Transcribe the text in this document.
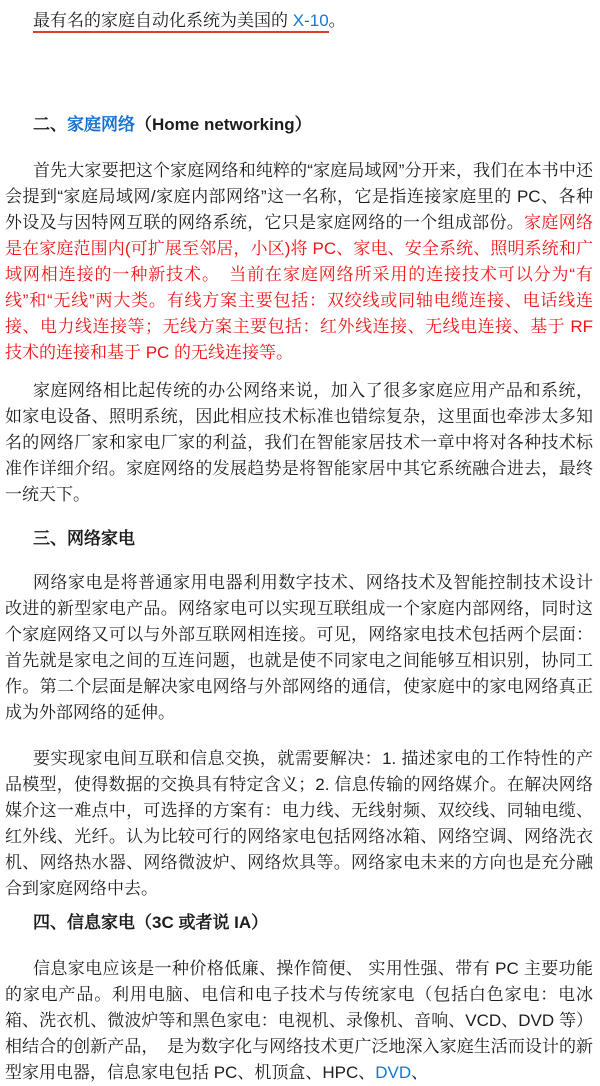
最有名的家庭自动化系统为美国的 X-10。

二、家庭网络（Home networking）

首先大家要把这个家庭网络和纯粹的“家庭局域网”分开来，我们在本书中还会提到“家庭局域网/家庭内部网络”这一名称，它是指连接家庭里的 PC、各种外设及与因特网互联的网络系统，它只是家庭网络的一个组成部份。家庭网络是在家庭范围内(可扩展至邻居，小区)将 PC、家电、安全系统、照明系统和广域网相连接的一种新技术。　当前在家庭网络所采用的连接技术可以分为“有线”和“无线”两大类。有线方案主要包括：双绞线或同轴电缆连接、电话线连接、电力线连接等；无线方案主要包括：红外线连接、无线电连接、基于 RF 技术的连接和基于 PC 的无线连接等。

家庭网络相比起传统的办公网络来说，加入了很多家庭应用产品和系统，如家电设备、照明系统，因此相应技术标准也错综复杂，这里面也牵涉太多知名的网络厂家和家电厂家的利益，我们在智能家居技术一章中将对各种技术标准作详细介绍。家庭网络的发展趋势是将智能家居中其它系统融合进去，最终一统天下。

三、网络家电

网络家电是将普通家用电器利用数字技术、网络技术及智能控制技术设计改进的新型家电产品。网络家电可以实现互联组成一个家庭内部网络，同时这个家庭网络又可以与外部互联网相连接。可见，网络家电技术包括两个层面：首先就是家电之间的互连问题，也就是使不同家电之间能够互相识别，协同工作。第二个层面是解决家电网络与外部网络的通信，使家庭中的家电网络真正成为外部网络的延伸。

要实现家电间互联和信息交换，就需要解决：1. 描述家电的工作特性的产品模型，使得数据的交换具有特定含义；2. 信息传输的网络媒介。在解决网络媒介这一难点中，可选择的方案有：电力线、无线射频、双绞线、同轴电缆、红外线、光纤。认为比较可行的网络家电包括网络冰箱、网络空调、网络洗衣机、网络热水器、网络微波炉、网络炊具等。网络家电未来的方向也是充分融合到家庭网络中去。

四、信息家电（3C 或者说 IA）

信息家电应该是一种价格低廉、操作简便、 实用性强、带有 PC 主要功能的家电产品。利用电脑、电信和电子技术与传统家电（包括白色家电：电冰箱、洗衣机、微波炉等和黑色家电：电视机、录像机、音响、VCD、DVD 等）相结合的创新产品，　是为数字化与网络技术更广泛地深入家庭生活而设计的新型家用电器，信息家电包括 PC、机顶盒、HPC、DVD、
